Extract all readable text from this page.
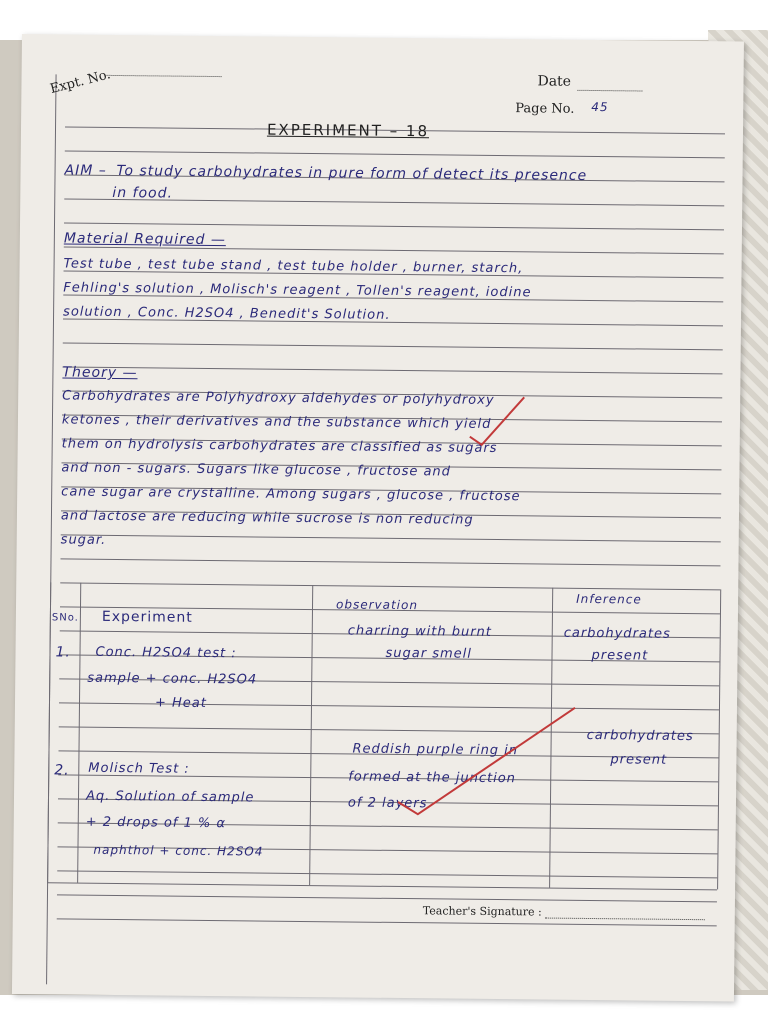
Expt. No.	Date
Page No. 45
EXPERIMENT – 18
AIM – To study carbohydrates in pure form of detect its presence
in food.
Material Required —
Test tube , test tube stand , test tube holder , burner, starch,
Fehling's solution , Molisch's reagent , Tollen's reagent, iodine
solution , Conc. H2SO4 , Benedit's Solution.
Theory —
Carbohydrates are Polyhydroxy aldehydes or polyhydroxy
ketones , their derivatives and the substance which yield
them on hydrolysis carbohydrates are classified as sugars
and non - sugars. Sugars like glucose , fructose and
cane sugar are crystalline. Among sugars , glucose , fructose
and lactose are reducing while sucrose is non reducing
sugar.
SNo. Experiment
observation	Inference
1. Conc. H2SO4 test :
sample + conc. H2SO4
+ Heat
charring with burnt
sugar smell
carbohydrates
present
2. Molisch Test :
Aq. Solution of sample
+ 2 drops of 1 % α
naphthol + conc. H2SO4
Reddish purple ring in
formed at the junction
of 2 layers
carbohydrates
present
Teacher's Signature :
